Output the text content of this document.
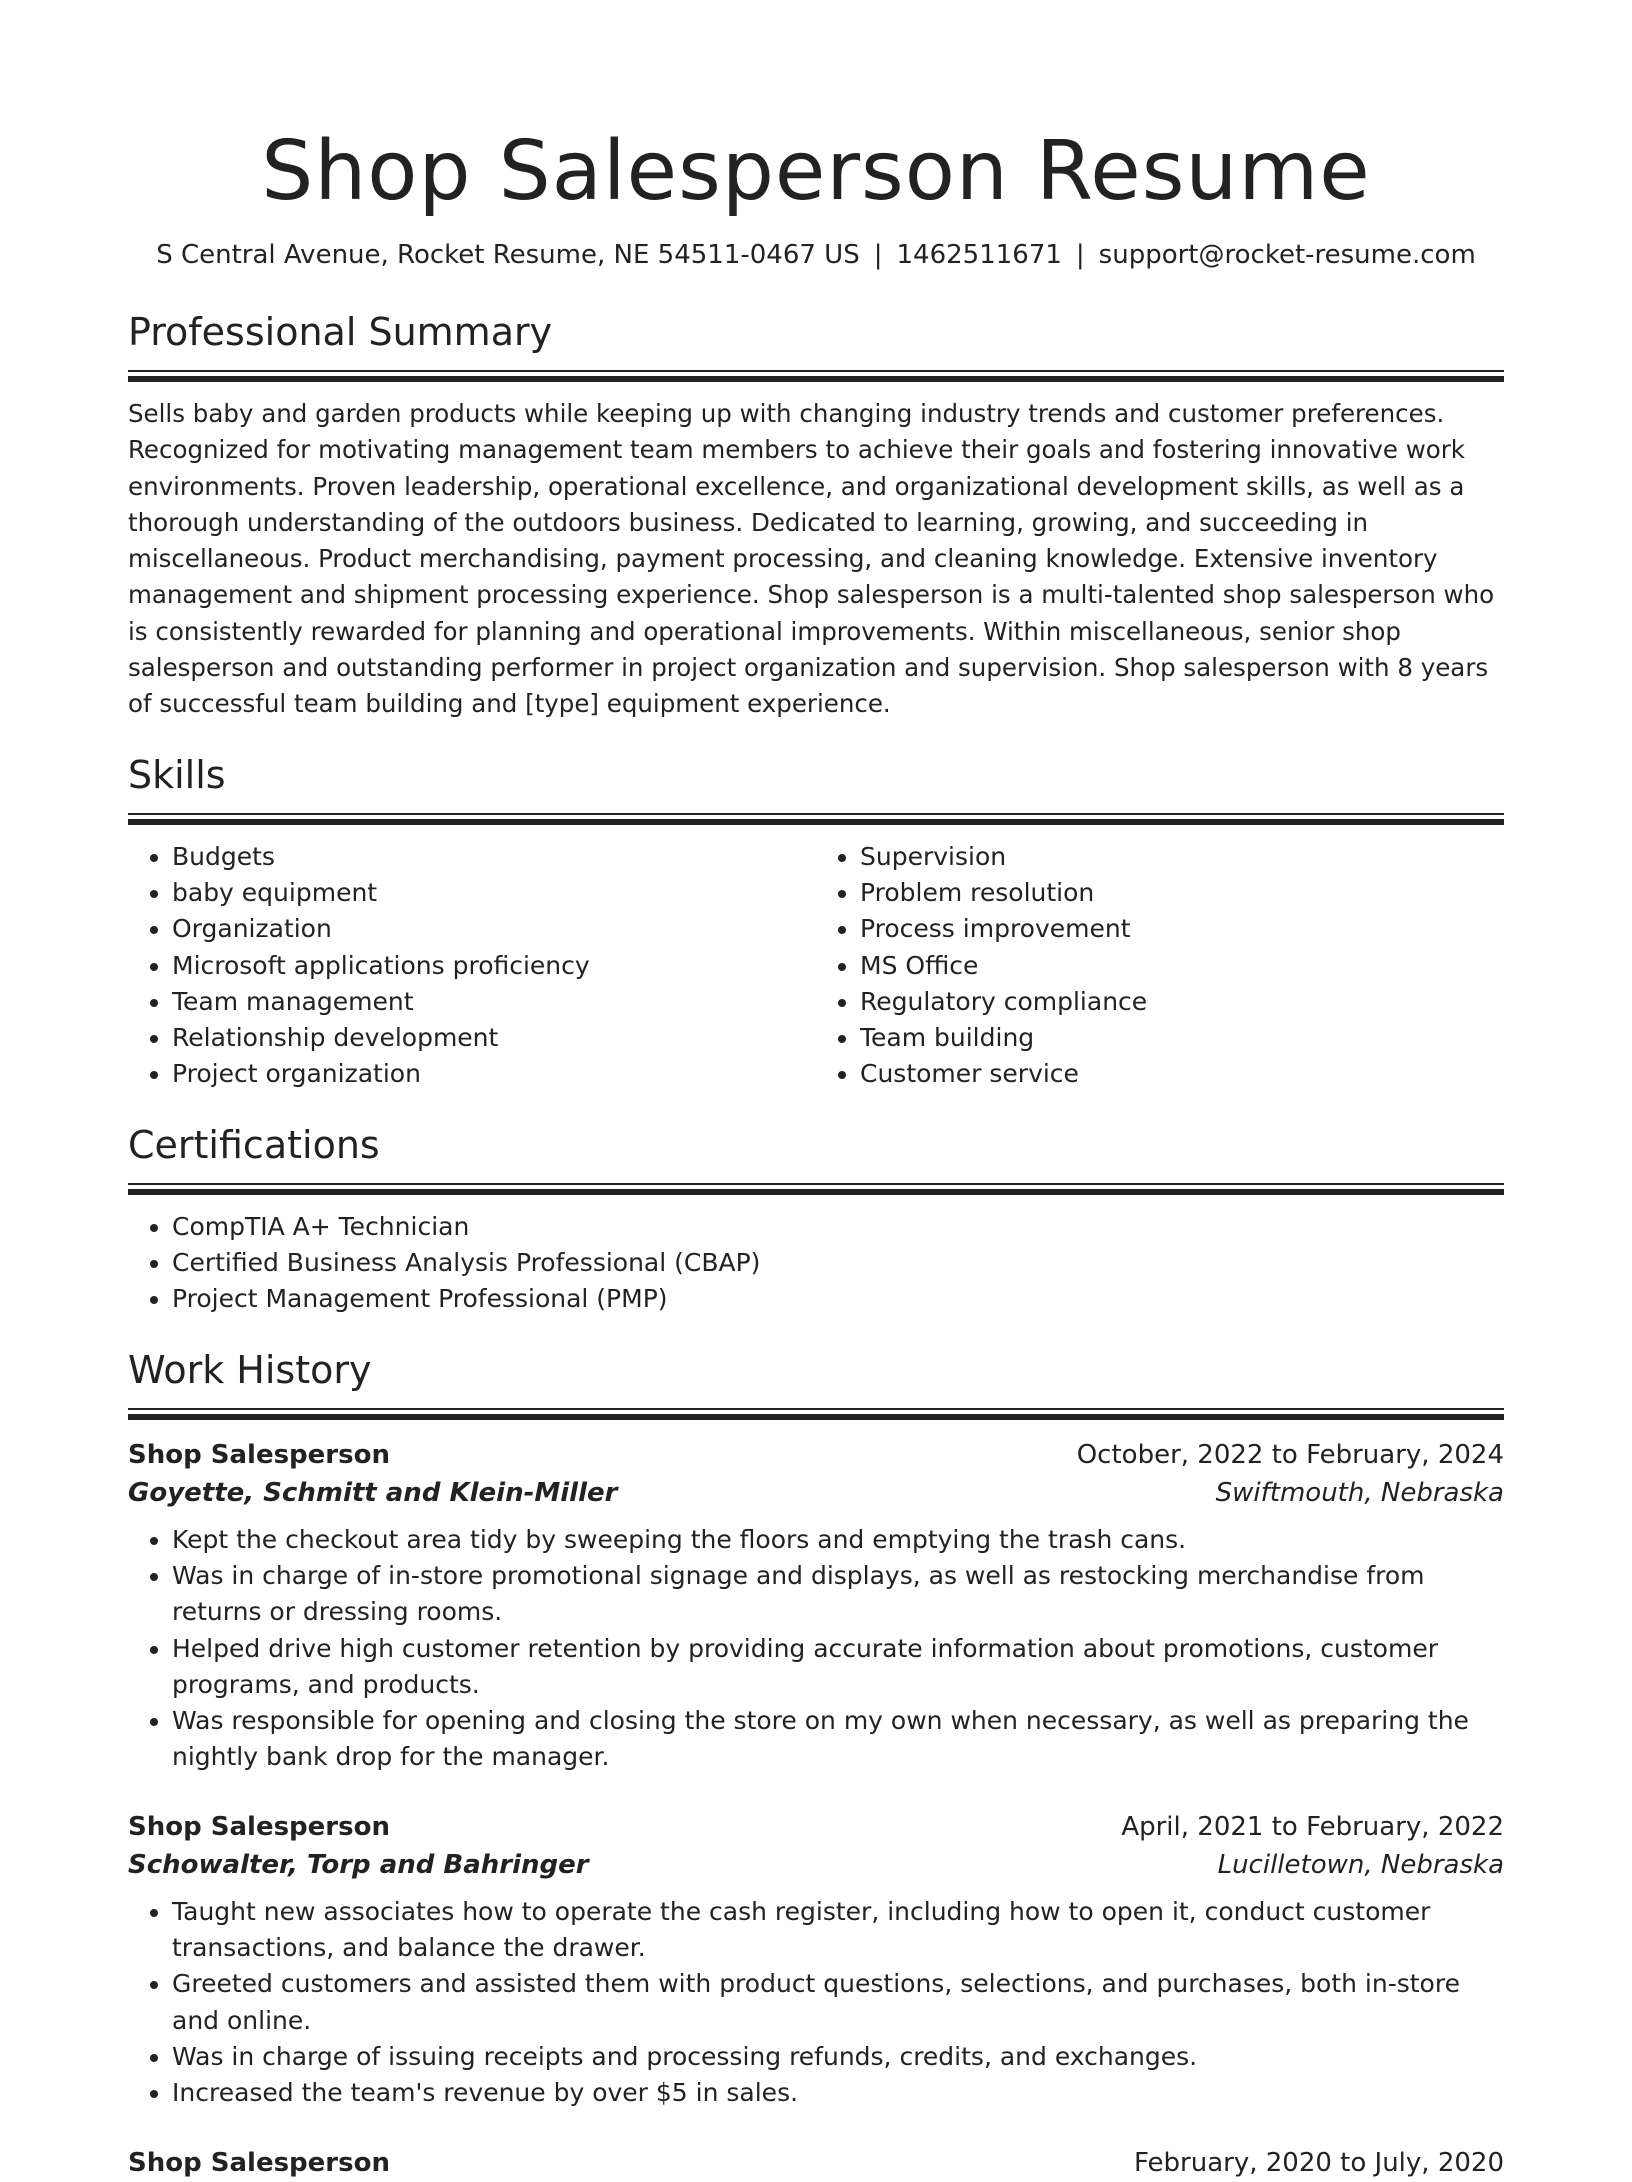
Shop Salesperson Resume
S Central Avenue, Rocket Resume, NE 54511-0467 US | 1462511671 | support@rocket-resume.com
Professional Summary
Sells baby and garden products while keeping up with changing industry trends and customer preferences. Recognized for motivating management team members to achieve their goals and fostering innovative work environments. Proven leadership, operational excellence, and organizational development skills, as well as a thorough understanding of the outdoors business. Dedicated to learning, growing, and succeeding in miscellaneous. Product merchandising, payment processing, and cleaning knowledge. Extensive inventory management and shipment processing experience. Shop salesperson is a multi-talented shop salesperson who is consistently rewarded for planning and operational improvements. Within miscellaneous, senior shop salesperson and outstanding performer in project organization and supervision. Shop salesperson with 8 years of successful team building and [type] equipment experience.
Skills
• Budgets
• baby equipment
• Organization
• Microsoft applications proficiency
• Team management
• Relationship development
• Project organization
• Supervision
• Problem resolution
• Process improvement
• MS Office
• Regulatory compliance
• Team building
• Customer service
Certifications
• CompTIA A+ Technician
• Certified Business Analysis Professional (CBAP)
• Project Management Professional (PMP)
Work History
Shop Salesperson	October, 2022 to February, 2024
Goyette, Schmitt and Klein-Miller	Swiftmouth, Nebraska
• Kept the checkout area tidy by sweeping the floors and emptying the trash cans.
• Was in charge of in-store promotional signage and displays, as well as restocking merchandise from returns or dressing rooms.
• Helped drive high customer retention by providing accurate information about promotions, customer programs, and products.
• Was responsible for opening and closing the store on my own when necessary, as well as preparing the nightly bank drop for the manager.
Shop Salesperson	April, 2021 to February, 2022
Schowalter, Torp and Bahringer	Lucilletown, Nebraska
• Taught new associates how to operate the cash register, including how to open it, conduct customer transactions, and balance the drawer.
• Greeted customers and assisted them with product questions, selections, and purchases, both in-store and online.
• Was in charge of issuing receipts and processing refunds, credits, and exchanges.
• Increased the team's revenue by over $5 in sales.
Shop Salesperson	February, 2020 to July, 2020
